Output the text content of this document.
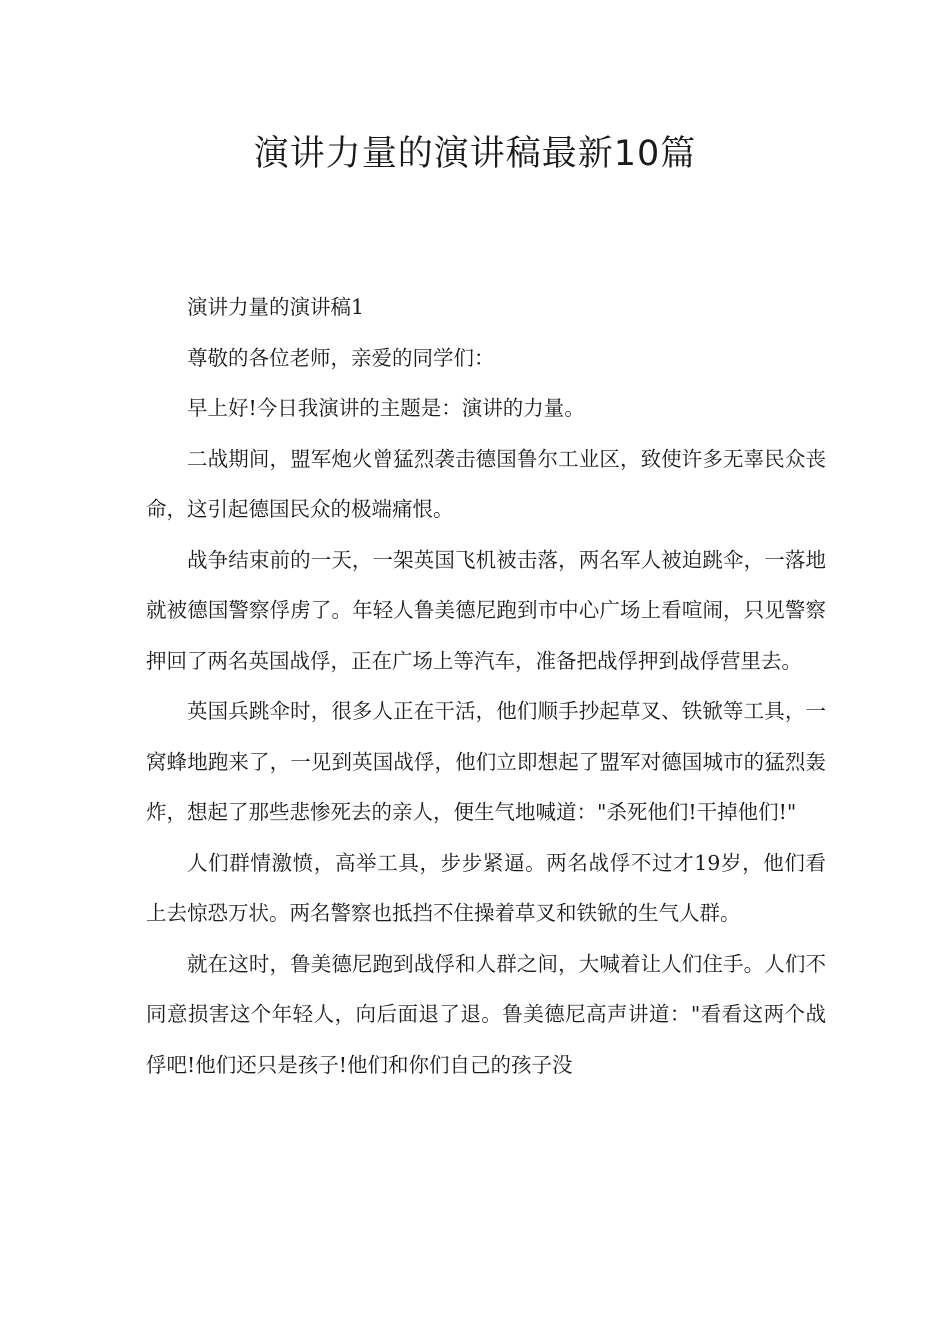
演讲力量的演讲稿最新10篇

演讲力量的演讲稿1

尊敬的各位老师，亲爱的同学们：

早上好!今日我演讲的主题是：演讲的力量。

二战期间，盟军炮火曾猛烈袭击德国鲁尔工业区，致使许多无辜民众丧命，这引起德国民众的极端痛恨。

战争结束前的一天，一架英国飞机被击落，两名军人被迫跳伞，一落地就被德国警察俘虏了。年轻人鲁美德尼跑到市中心广场上看喧闹，只见警察押回了两名英国战俘，正在广场上等汽车，准备把战俘押到战俘营里去。

英国兵跳伞时，很多人正在干活，他们顺手抄起草叉、铁锨等工具，一窝蜂地跑来了，一见到英国战俘，他们立即想起了盟军对德国城市的猛烈轰炸，想起了那些悲惨死去的亲人，便生气地喊道："杀死他们!干掉他们!"

人们群情激愤，高举工具，步步紧逼。两名战俘不过才19岁，他们看上去惊恐万状。两名警察也抵挡不住操着草叉和铁锨的生气人群。

就在这时，鲁美德尼跑到战俘和人群之间，大喊着让人们住手。人们不同意损害这个年轻人，向后面退了退。鲁美德尼高声讲道："看看这两个战俘吧!他们还只是孩子!他们和你们自己的孩子没
